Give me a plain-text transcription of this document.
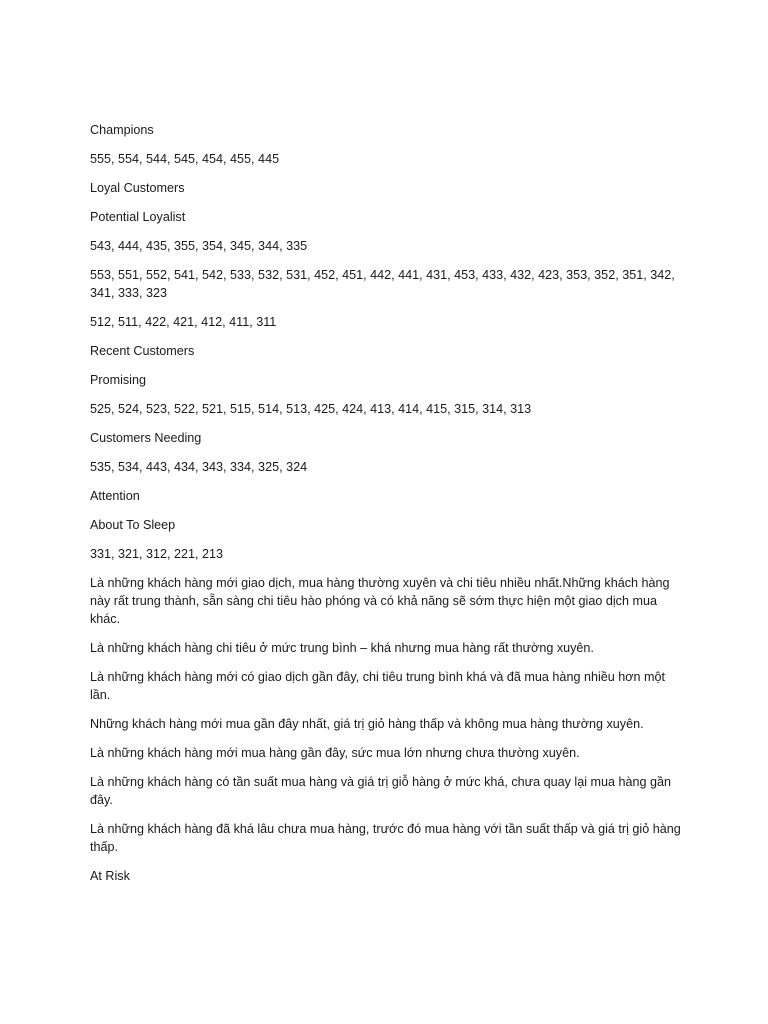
Champions

555, 554, 544, 545, 454, 455, 445

Loyal Customers

Potential Loyalist

543, 444, 435, 355, 354, 345, 344, 335

553, 551, 552, 541, 542, 533, 532, 531, 452, 451, 442, 441, 431, 453, 433, 432, 423, 353, 352, 351, 342, 341, 333, 323

512, 511, 422, 421, 412, 411, 311

Recent Customers

Promising

525, 524, 523, 522, 521, 515, 514, 513, 425, 424, 413, 414, 415, 315, 314, 313

Customers Needing

535, 534, 443, 434, 343, 334, 325, 324

Attention

About To Sleep

331, 321, 312, 221, 213

Là những khách hàng mới giao dịch, mua hàng thường xuyên và chi tiêu nhiều nhất.Những khách hàng này rất trung thành, sẵn sàng chi tiêu hào phóng và có khả năng sẽ sớm thực hiện một giao dịch mua khác.

Là những khách hàng chi tiêu ở mức trung bình – khá nhưng mua hàng rất thường xuyên.

Là những khách hàng mới có giao dịch gần đây, chi tiêu trung bình khá và đã mua hàng nhiều hơn một lần.

Những khách hàng mới mua gần đây nhất, giá trị giỏ hàng thấp và không mua hàng thường xuyên.

Là những khách hàng mới mua hàng gần đây, sức mua lớn nhưng chưa thường xuyên.

Là những khách hàng có tần suất mua hàng và giá trị giỗ hàng ở mức khá, chưa quay lại mua hàng gần đây.

Là những khách hàng đã khá lâu chưa mua hàng, trước đó mua hàng với tần suất thấp và giá trị giỏ hàng thấp.

At Risk
